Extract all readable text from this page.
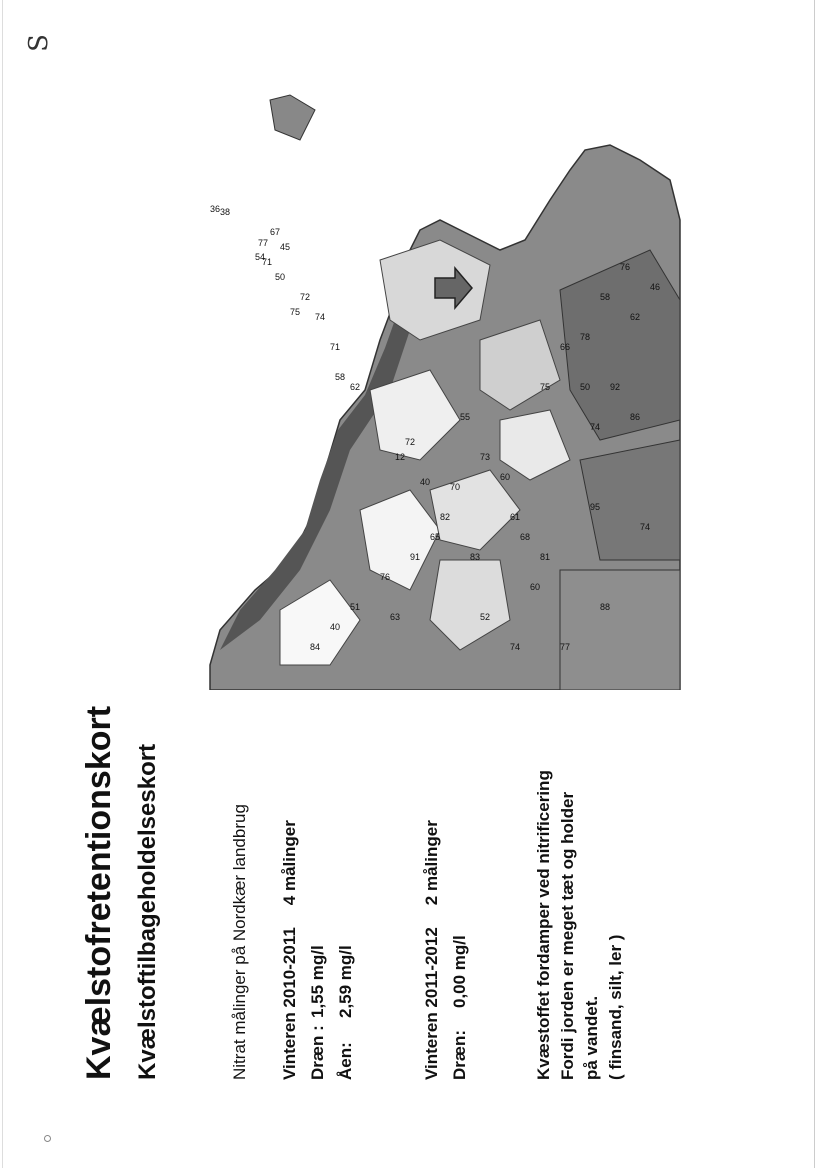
S
50
54
77
72
74
71
75
71
67
45
36 38
58
62
72
12
40
82
83
55
73
60
65
70
61
68
81
76
66
78
92
86
95
88
74
40
51
63
84
91
75
46
62
76
58
50
74
52
74
60
77
Kvælstofretentionskort Kvælstoftilbageholdelseskort	Nitrat målinger på Nordkær landbrug
Vinteren 2010-20114 målinger
Dræn :
1,55 mg/l
Åen:
2,59 mg/l	Vinteren 2011-20122 målinger
Dræn:
0,00 mg/l	Kvæstoffet fordamper ved nitrificering Fordi jorden er meget tæt og holder på vandet. ( finsand, silt, ler )
